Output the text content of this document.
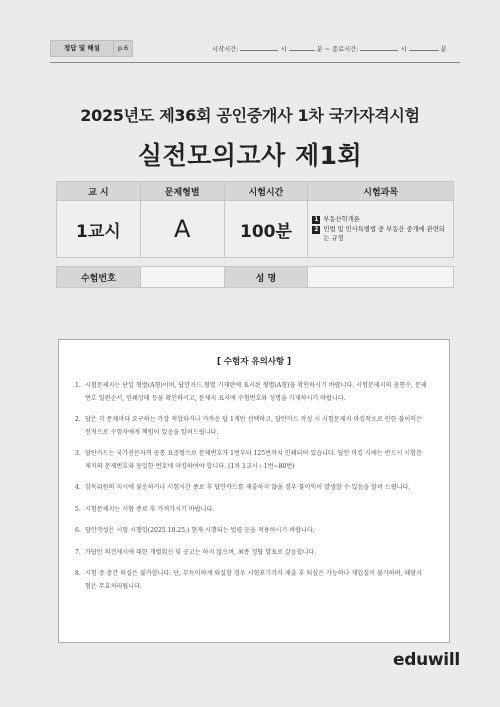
정답 및 해설	p.6	시작시간:	시	분 ~ 종료시간:	시	분
2025년도 제36회 공인중개사 1차 국가자격시험
실전모의고사 제1회
교 시	문제형별	시험시간	시험과목
1교시	A	100분	1 부동산학개론
2 민법 및 민사특별법 중 부동산 중개에 관련되는 규정

수험번호		성 명	
[ 수험자 유의사항 ]
1. 시험문제지는 단일 형별(A형)이며, 답안카드 형별 기재란에 표시된 형별(A형)을 확인하시기 바랍니다. 시험문제지의 총면수, 문제번호 일련순서, 인쇄상태 등을 확인하시고, 문제지 표지에 수험번호와 성명을 기재하시기 바랍니다.
2. 답은 각 문제마다 요구하는 가장 적합하거나 가까운 답 1개만 선택하고, 답안카드 작성 시 시험문제지 마킹착오로 인한 불이익은 전적으로 수험자에게 책임이 있음을 알려드립니다.
3. 답안카드는 국가전문자격 공통 표준형으로 문제번호가 1번부터 125번까지 인쇄되어 있습니다. 답안 마킹 시에는 반드시 시험문제지의 문제번호와 동일한 번호에 마킹하여야 합니다. (1차 1교시 : 1번~80번)
4. 감독위원의 지시에 불응하거나 시험시간 종료 후 답안카드를 제출하지 않을 경우 불이익이 발생할 수 있음을 알려 드립니다.
5. 시험문제지는 시험 종료 후 가져가시기 바랍니다.
6. 답안작성은 시험 시행일(2025.10.25.) 현재 시행되는 법령 등을 적용하시기 바랍니다.
7. 가답안 의견제시에 대한 개별회신 및 공고는 하지 않으며, 최종 정답 발표로 갈음합니다.
8. 시험 중 중간 퇴실은 불가합니다. 단, 부득이하게 퇴실할 경우 시험포기각서 제출 후 퇴실은 가능하나 재입실이 불가하며, 해당시험은 무효처리됩니다.
eduwill
